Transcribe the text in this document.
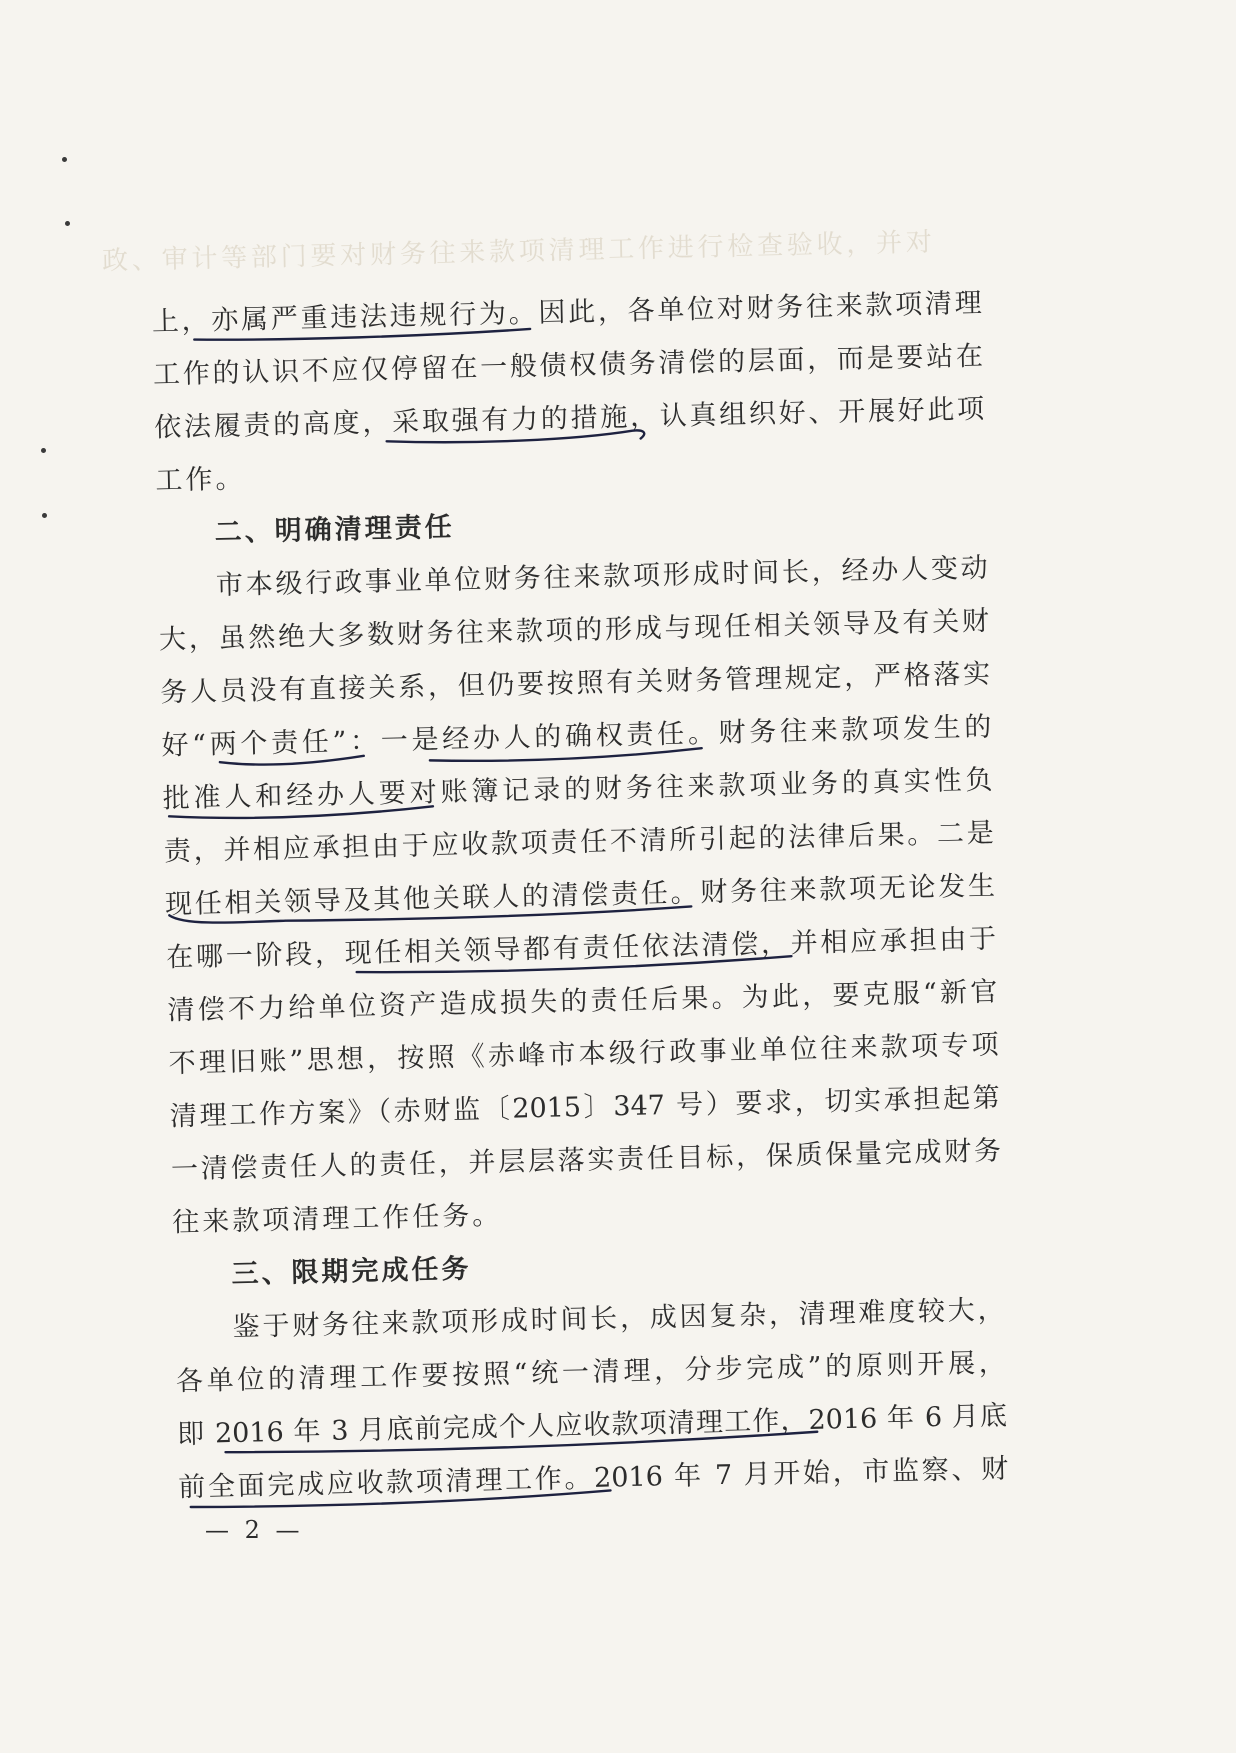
政、审计等部门要对财务往来款项清理工作进行检查验收，并对
上，亦属严重违法违规行为。因此，各单位对财务往来款项清理
工作的认识不应仅停留在一般债权债务清偿的层面，而是要站在
依法履责的高度，采取强有力的措施，认真组织好、开展好此项
工作。
二、明确清理责任
市本级行政事业单位财务往来款项形成时间长，经办人变动
大，虽然绝大多数财务往来款项的形成与现任相关领导及有关财
务人员没有直接关系，但仍要按照有关财务管理规定，严格落实
好“两个责任”：一是经办人的确权责任。财务往来款项发生的
批准人和经办人要对账簿记录的财务往来款项业务的真实性负
责，并相应承担由于应收款项责任不清所引起的法律后果。二是
现任相关领导及其他关联人的清偿责任。财务往来款项无论发生
在哪一阶段，现任相关领导都有责任依法清偿，并相应承担由于
清偿不力给单位资产造成损失的责任后果。为此，要克服“新官
不理旧账”思想，按照《赤峰市本级行政事业单位往来款项专项
清理工作方案》（赤财监〔2015〕347 号）要求，切实承担起第
一清偿责任人的责任，并层层落实责任目标，保质保量完成财务
往来款项清理工作任务。
三、限期完成任务
鉴于财务往来款项形成时间长，成因复杂，清理难度较大，
各单位的清理工作要按照“统一清理，分步完成”的原则开展，
即 2016 年 3 月底前完成个人应收款项清理工作，2016 年 6 月底
前全面完成应收款项清理工作。2016 年 7 月开始，市监察、财
— 2 —
